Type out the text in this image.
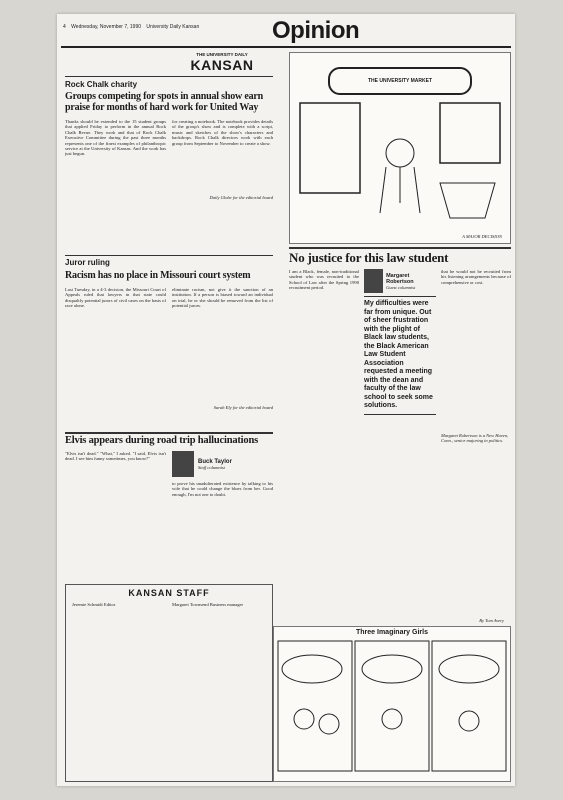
4 Wednesday, November 7, 1990 University Daily Kansan	Opinion
THE UNIVERSITY DAILY
KANSAN
Rock Chalk charity
Groups competing for spots in annual show earn praise for months of hard work for United Way
Thanks should be extended to the 15 student groups that applied Friday to perform in the annual Rock Chalk Revue. They work and that of Rock Chalk Executive Committee during the past three months represents one of the finest examples of philanthropic service at the University of Kansas. And the work has just begun.
for creating a notebook. The notebook provides details of the group's show and is complete with a script, music and sketches of the show's characters and backdrops. Rock Chalk directors work with each group from September to November to create a show.
Daily Globe for the editorial board
Juror ruling
Racism has no place in Missouri court system
Last Tuesday, in a 4-3 decision, the Missouri Court of Appeals ruled that lawyers in that state could disqualify potential jurors of civil cases on the basis of race alone.
eliminate racism, not give it the sanction of an institution. If a person is biased toward an individual on trial, he or she should be removed from the list of potential jurors.
Sarah Ely for the editorial board
Elvis appears during road trip hallucinations
"Elvis isn't dead." "What," I asked. "I said, Elvis isn't dead. I see him funny sometimes, you know?"	Buck Taylor
Staff columnist
to prove his unadulterated existence by talking to his wife that he could change the blues from her. Good enough, I'm not one to doubt.
KANSAN STAFF
Jeremie Schmidt Editor	Margaret Townsend Business manager
THE UNIVERSITY MARKET
A MAJOR DECISION
No justice for this law student
I am a Black, female, non-traditional student who was recruited to the School of Law after the Spring 1990 recruitment period.
Margaret Robertson
Guest columnist
My difficulties were far from unique. Out of sheer frustration with the plight of Black law students, the Black American Law Student Association requested a meeting with the dean and faculty of the law school to seek some solutions.
that he would not be recruited from his listening arrangements because of comprehensive or cost.
Margaret Robertson is a New Haven, Conn., senior majoring in politics.
Three Imaginary Girls
By Tom Avery
